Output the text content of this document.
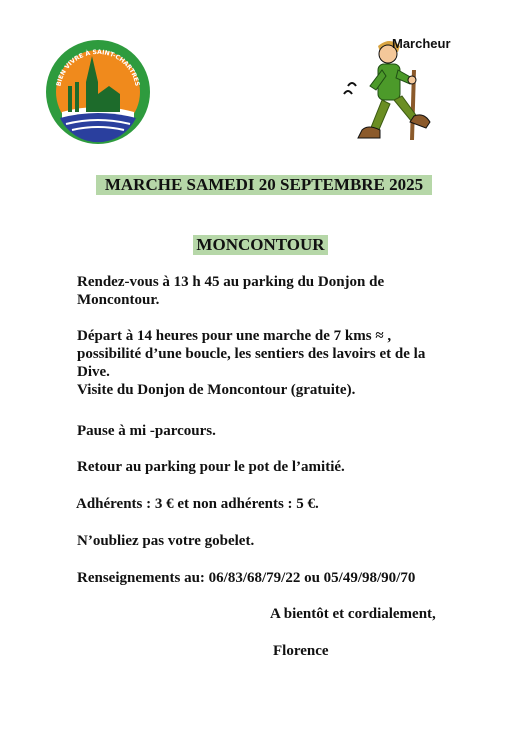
BIEN VIVRE À SAINT-CHARTRES
Marcheur
MARCHE SAMEDI 20 SEPTEMBRE 2025
MONCONTOUR
Rendez-vous à 13 h 45 au parking du Donjon de
Moncontour.
Départ à 14 heures pour une marche de 7 kms ≈ ,
possibilité d’une boucle, les sentiers des lavoirs et de la
Dive.
Visite du Donjon de Moncontour (gratuite).
Pause à mi -parcours.
Retour au parking pour le pot de l’amitié.
Adhérents : 3 € et non adhérents : 5 €.
N’oubliez pas votre gobelet.
Renseignements au: 06/83/68/79/22 ou 05/49/98/90/70
A bientôt et cordialement,
Florence
